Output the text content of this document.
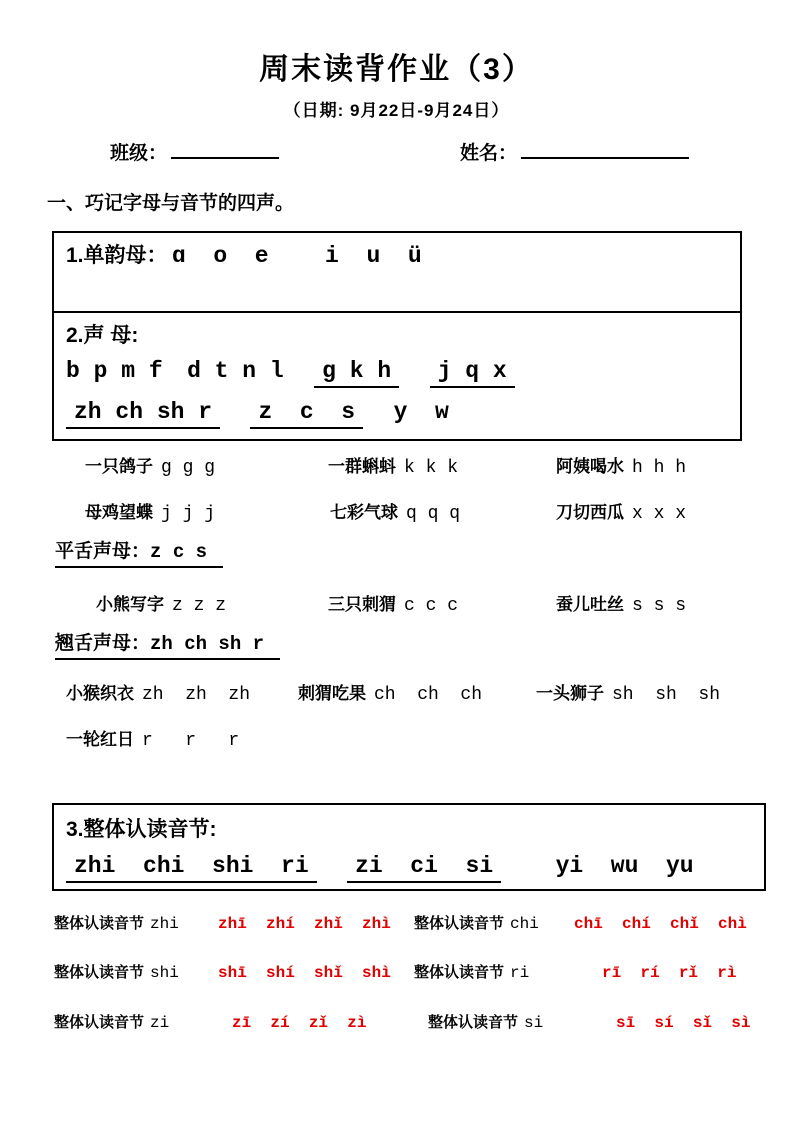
周末读背作业（3）
（日期: 9月22日-9月24日）
班级：	姓名：
一、巧记字母与音节的四声。
1.单韵母： ɑ  o  e i  u  ü
2.声 母:
b p m f d t n l g k h j q x
zh ch sh r z  c  s y  w
一只鸽子 g g g	一群蝌蚪 k k k	阿姨喝水 h h h
母鸡望蝶 j j j	七彩气球 q q q	刀切西瓜 x x x
平舌声母：z c s
小熊写字 z z z	三只刺猬 c c c	蚕儿吐丝 s s s
翘舌声母：zh ch sh r
小猴织衣 zh  zh  zh	刺猬吃果 ch  ch  ch	一头狮子 sh  sh  sh
一轮红日 r   r   r
3.整体认读音节:
zhi  chi  shi  ri zi  ci  si	yi  wu  yu
整体认读音节 zhi	zhī  zhí  zhǐ  zhì	整体认读音节 chi	chī  chí  chǐ  chì
整体认读音节 shi	shī  shí  shǐ  shì	整体认读音节 ri	rī  rí  rǐ  rì
整体认读音节 zi	zī  zí  zǐ  zì	整体认读音节 si	sī  sí  sǐ  sì
